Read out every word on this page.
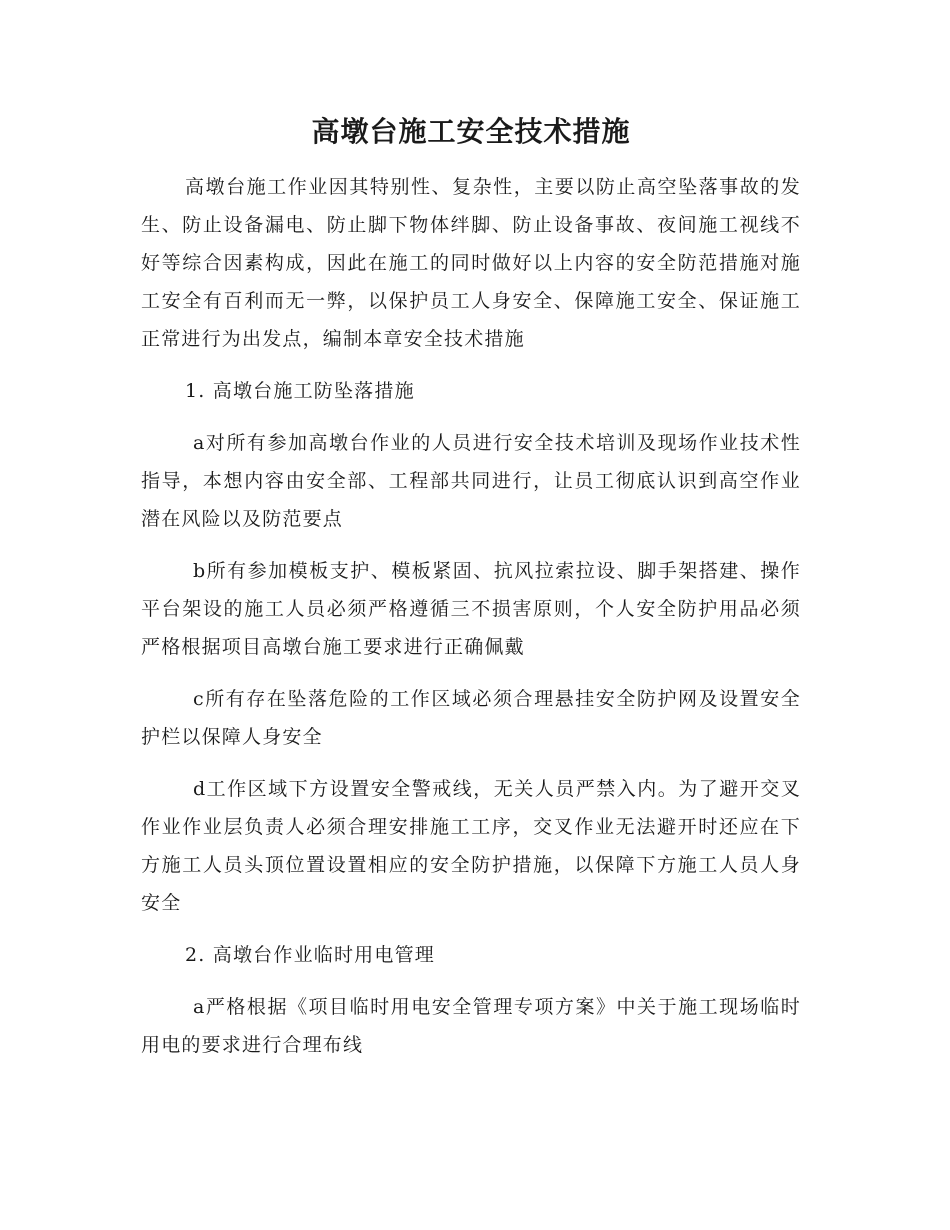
高墩台施工安全技术措施

高墩台施工作业因其特别性、复杂性，主要以防止高空坠落事故的发生、防止设备漏电、防止脚下物体绊脚、防止设备事故、夜间施工视线不好等综合因素构成，因此在施工的同时做好以上内容的安全防范措施对施工安全有百利而无一弊，以保护员工人身安全、保障施工安全、保证施工正常进行为出发点，编制本章安全技术措施

1. 高墩台施工防坠落措施

a对所有参加高墩台作业的人员进行安全技术培训及现场作业技术性指导，本想内容由安全部、工程部共同进行，让员工彻底认识到高空作业潜在风险以及防范要点

b所有参加模板支护、模板紧固、抗风拉索拉设、脚手架搭建、操作平台架设的施工人员必须严格遵循三不损害原则，个人安全防护用品必须严格根据项目高墩台施工要求进行正确佩戴

c所有存在坠落危险的工作区域必须合理悬挂安全防护网及设置安全护栏以保障人身安全

d工作区域下方设置安全警戒线，无关人员严禁入内。为了避开交叉作业作业层负责人必须合理安排施工工序，交叉作业无法避开时还应在下方施工人员头顶位置设置相应的安全防护措施，以保障下方施工人员人身安全

2. 高墩台作业临时用电管理

a严格根据《项目临时用电安全管理专项方案》中关于施工现场临时用电的要求进行合理布线
